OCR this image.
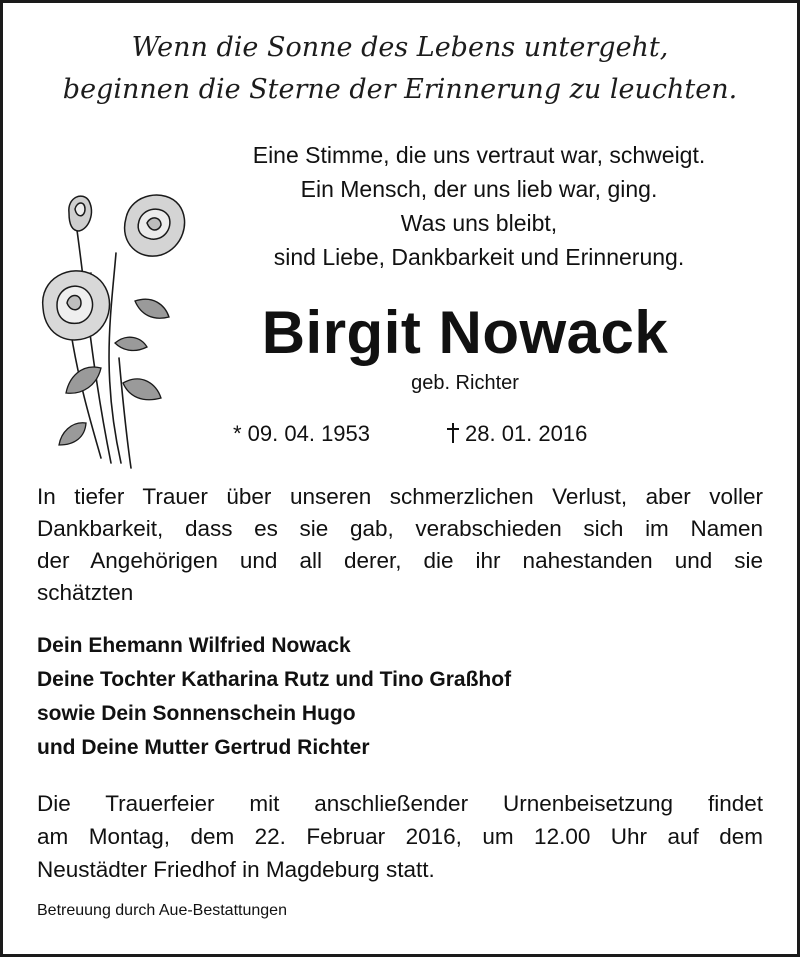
Wenn die Sonne des Lebens untergeht,
beginnen die Sterne der Erinnerung zu leuchten.
Eine Stimme, die uns vertraut war, schweigt.
Ein Mensch, der uns lieb war, ging.
Was uns bleibt,
sind Liebe, Dankbarkeit und Erinnerung.
Birgit Nowack
geb. Richter
* 09. 04. 1953	28. 01. 2016
In tiefer Trauer über unseren schmerzlichen Verlust, aber voller
Dankbarkeit, dass es sie gab, verabschieden sich im Namen
der Angehörigen und all derer, die ihr nahestanden und sie
schätzten
Dein Ehemann Wilfried Nowack
Deine Tochter Katharina Rutz und Tino Graßhof
sowie Dein Sonnenschein Hugo
und Deine Mutter Gertrud Richter
Die Trauerfeier mit anschließender Urnenbeisetzung findet
am Montag, dem 22. Februar 2016, um 12.00 Uhr auf dem
Neustädter Friedhof in Magdeburg statt.
Betreuung durch Aue-Bestattungen
